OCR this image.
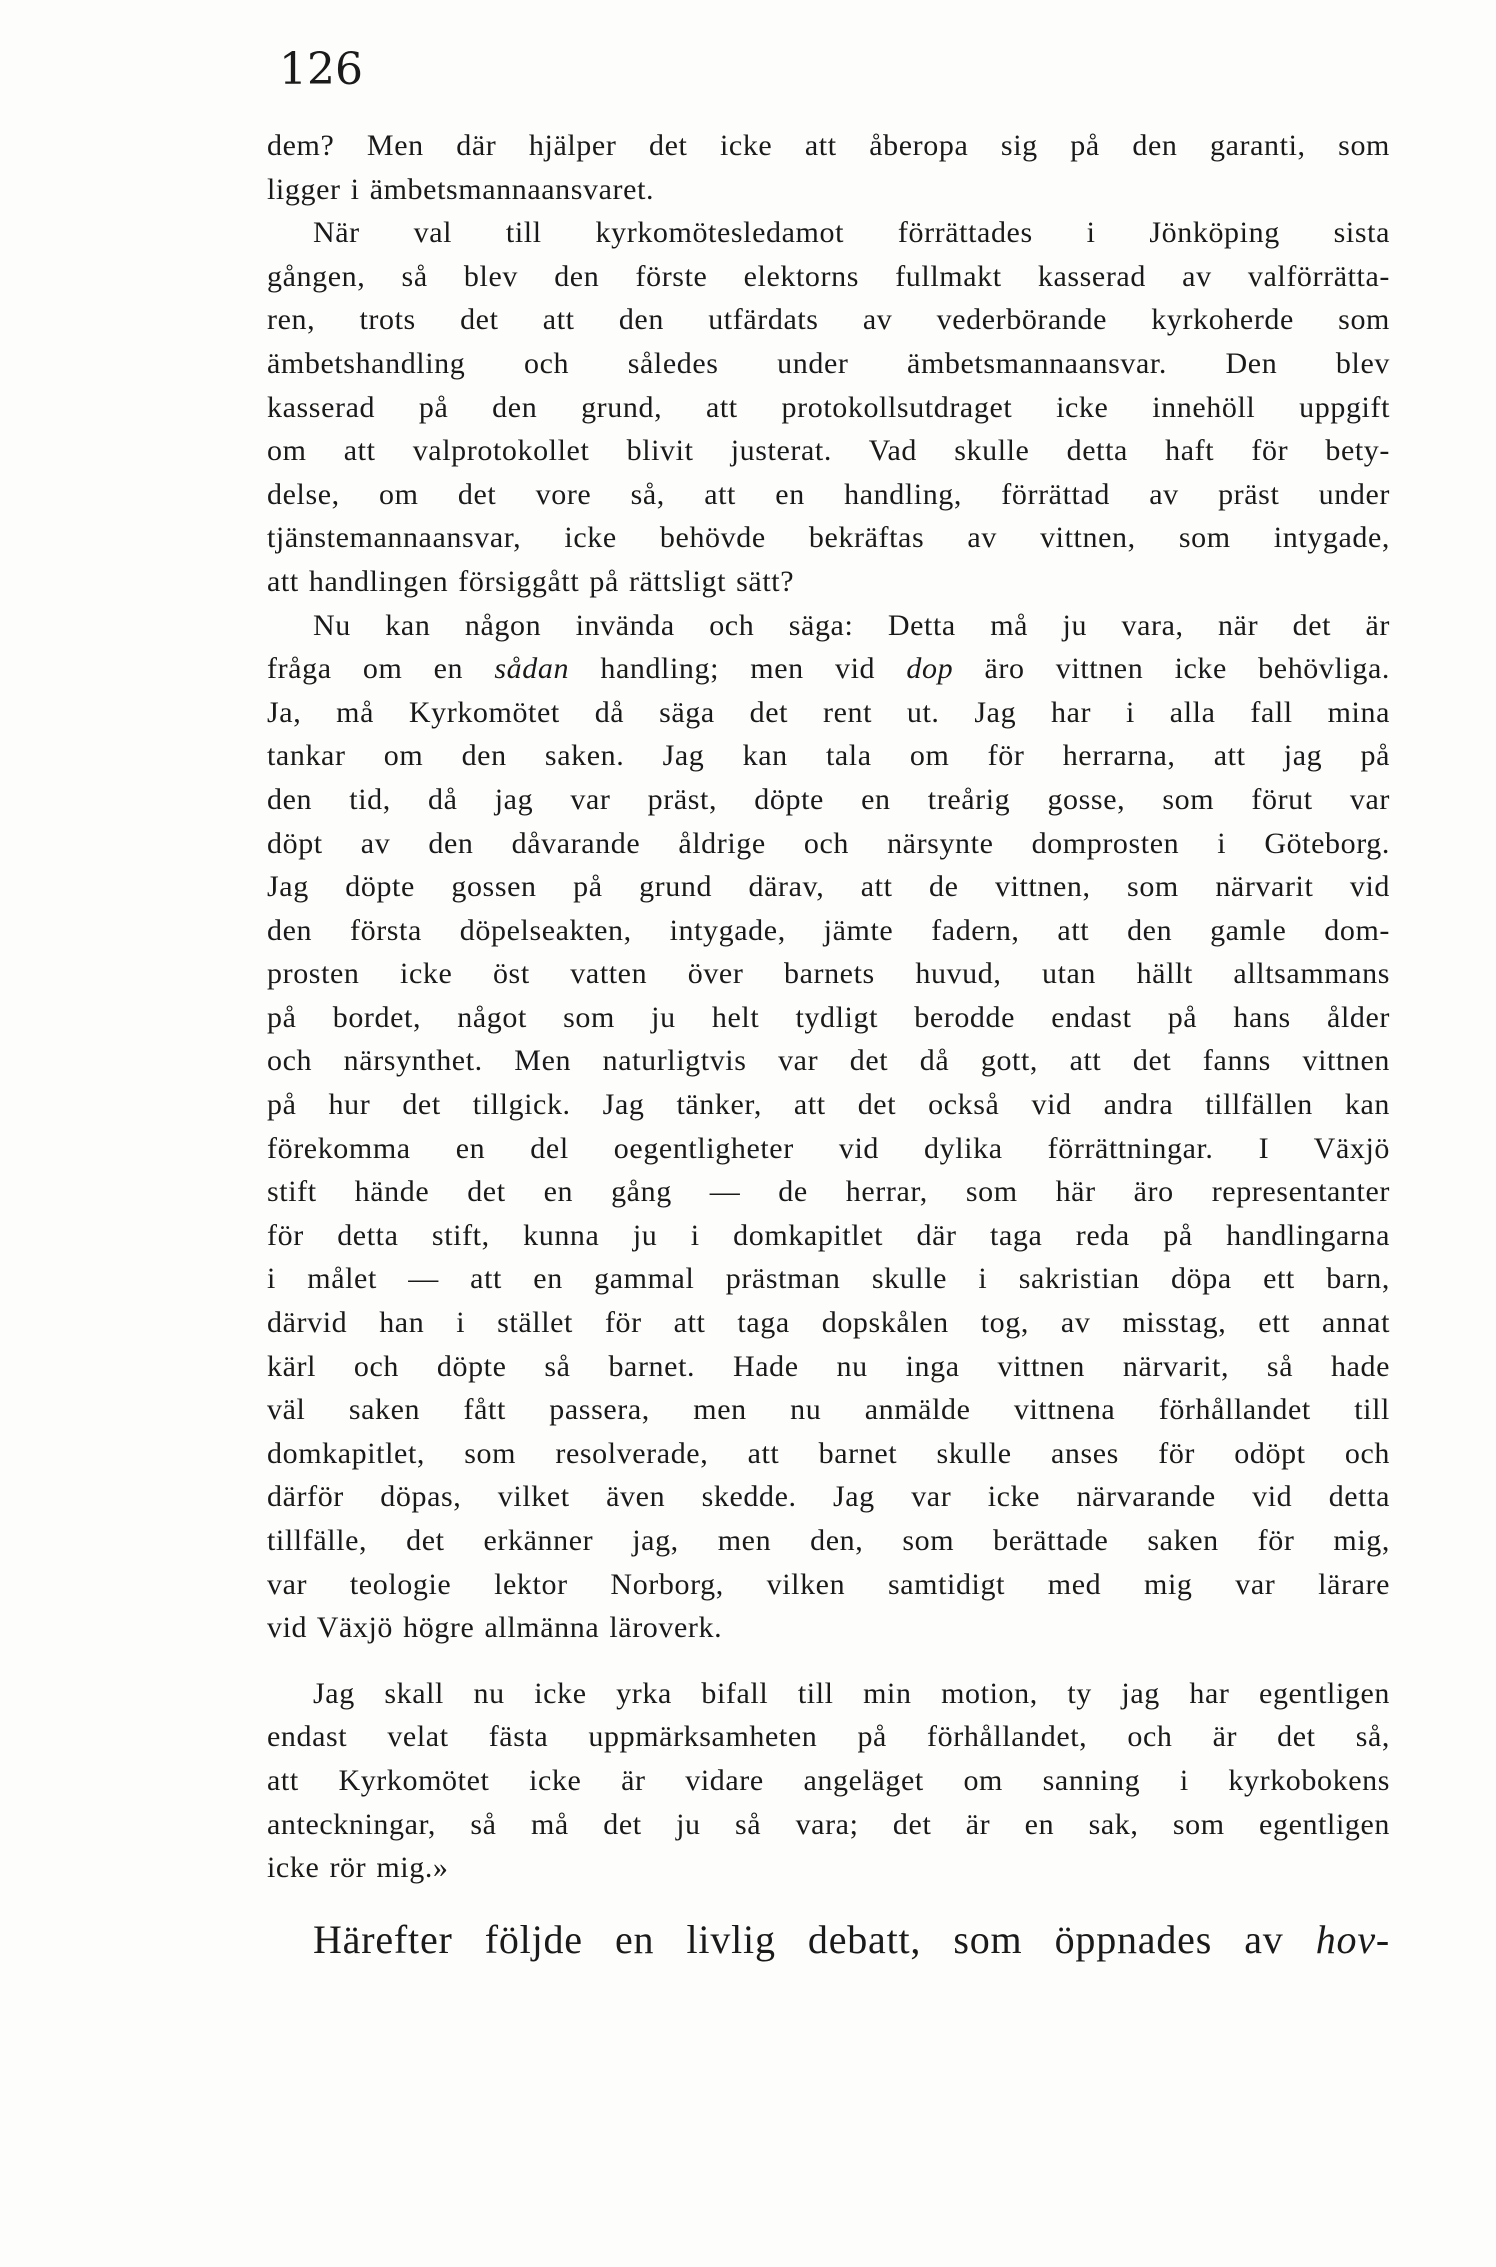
126

dem? Men där hjälper det icke att åberopa sig på den garanti, som
ligger i ämbetsmannaansvaret.

När val till kyrkomötesledamot förrättades i Jönköping sista
gången, så blev den förste elektorns fullmakt kasserad av valförrätta-
ren, trots det att den utfärdats av vederbörande kyrkoherde som
ämbetshandling och således under ämbetsmannaansvar. Den blev
kasserad på den grund, att protokollsutdraget icke innehöll uppgift
om att valprotokollet blivit justerat. Vad skulle detta haft för bety-
delse, om det vore så, att en handling, förrättad av präst under
tjänstemannaansvar, icke behövde bekräftas av vittnen, som intygade,
att handlingen försiggått på rättsligt sätt?

Nu kan någon invända och säga: Detta må ju vara, när det är
fråga om en sådan handling; men vid dop äro vittnen icke behövliga.
Ja, må Kyrkomötet då säga det rent ut. Jag har i alla fall mina
tankar om den saken. Jag kan tala om för herrarna, att jag på
den tid, då jag var präst, döpte en treårig gosse, som förut var
döpt av den dåvarande åldrige och närsynte domprosten i Göteborg.
Jag döpte gossen på grund därav, att de vittnen, som närvarit vid
den första döpelseakten, intygade, jämte fadern, att den gamle dom-
prosten icke öst vatten över barnets huvud, utan hällt alltsammans
på bordet, något som ju helt tydligt berodde endast på hans ålder
och närsynthet. Men naturligtvis var det då gott, att det fanns vittnen
på hur det tillgick. Jag tänker, att det också vid andra tillfällen kan
förekomma en del oegentligheter vid dylika förrättningar. I Växjö
stift hände det en gång — de herrar, som här äro representanter
för detta stift, kunna ju i domkapitlet där taga reda på handlingarna
i målet — att en gammal prästman skulle i sakristian döpa ett barn,
därvid han i stället för att taga dopskålen tog, av misstag, ett annat
kärl och döpte så barnet. Hade nu inga vittnen närvarit, så hade
väl saken fått passera, men nu anmälde vittnena förhållandet till
domkapitlet, som resolverade, att barnet skulle anses för odöpt och
därför döpas, vilket även skedde. Jag var icke närvarande vid detta
tillfälle, det erkänner jag, men den, som berättade saken för mig,
var teologie lektor Norborg, vilken samtidigt med mig var lärare
vid Växjö högre allmänna läroverk.

Jag skall nu icke yrka bifall till min motion, ty jag har egentligen
endast velat fästa uppmärksamheten på förhållandet, och är det så,
att Kyrkomötet icke är vidare angeläget om sanning i kyrkobokens
anteckningar, så må det ju så vara; det är en sak, som egentligen
icke rör mig.»

Härefter följde en livlig debatt, som öppnades av hov-
